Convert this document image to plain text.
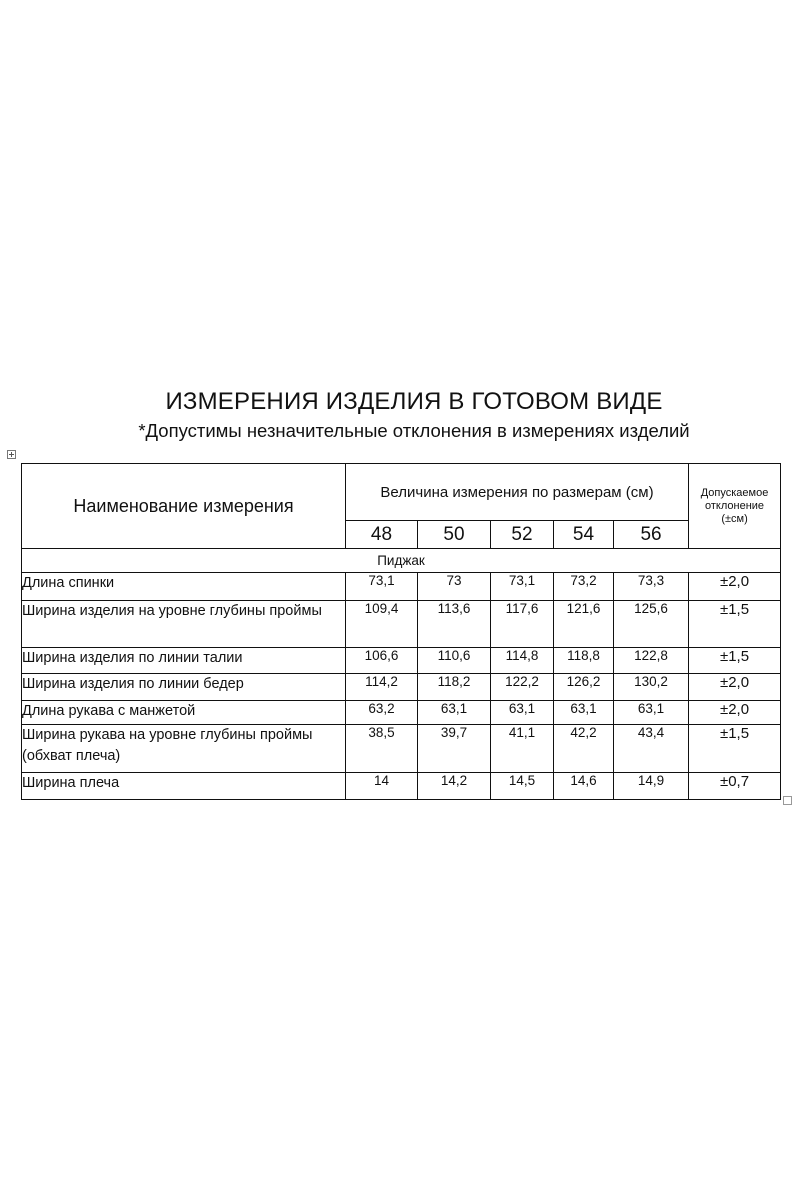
ИЗМЕРЕНИЯ ИЗДЕЛИЯ В ГОТОВОМ ВИДЕ
*Допустимы незначительные отклонения в измерениях изделий
Наименование измерения	Величина измерения по размерам (см)					Допускаемое
отклонение
(±см)
	48	50	52	54	56	
Пиджак						
Длина спинки	73,1	73	73,1	73,2	73,3	±2,0
Ширина изделия на уровне глубины проймы	109,4	113,6	117,6	121,6	125,6	±1,5
Ширина изделия по линии талии	106,6	110,6	114,8	118,8	122,8	±1,5
Ширина изделия по линии бедер	114,2	118,2	122,2	126,2	130,2	±2,0
Длина рукава с манжетой	63,2	63,1	63,1	63,1	63,1	±2,0
Ширина рукава на уровне глубины проймы (обхват плеча)	38,5	39,7	41,1	42,2	43,4	±1,5
Ширина плеча	14	14,2	14,5	14,6	14,9	±0,7
